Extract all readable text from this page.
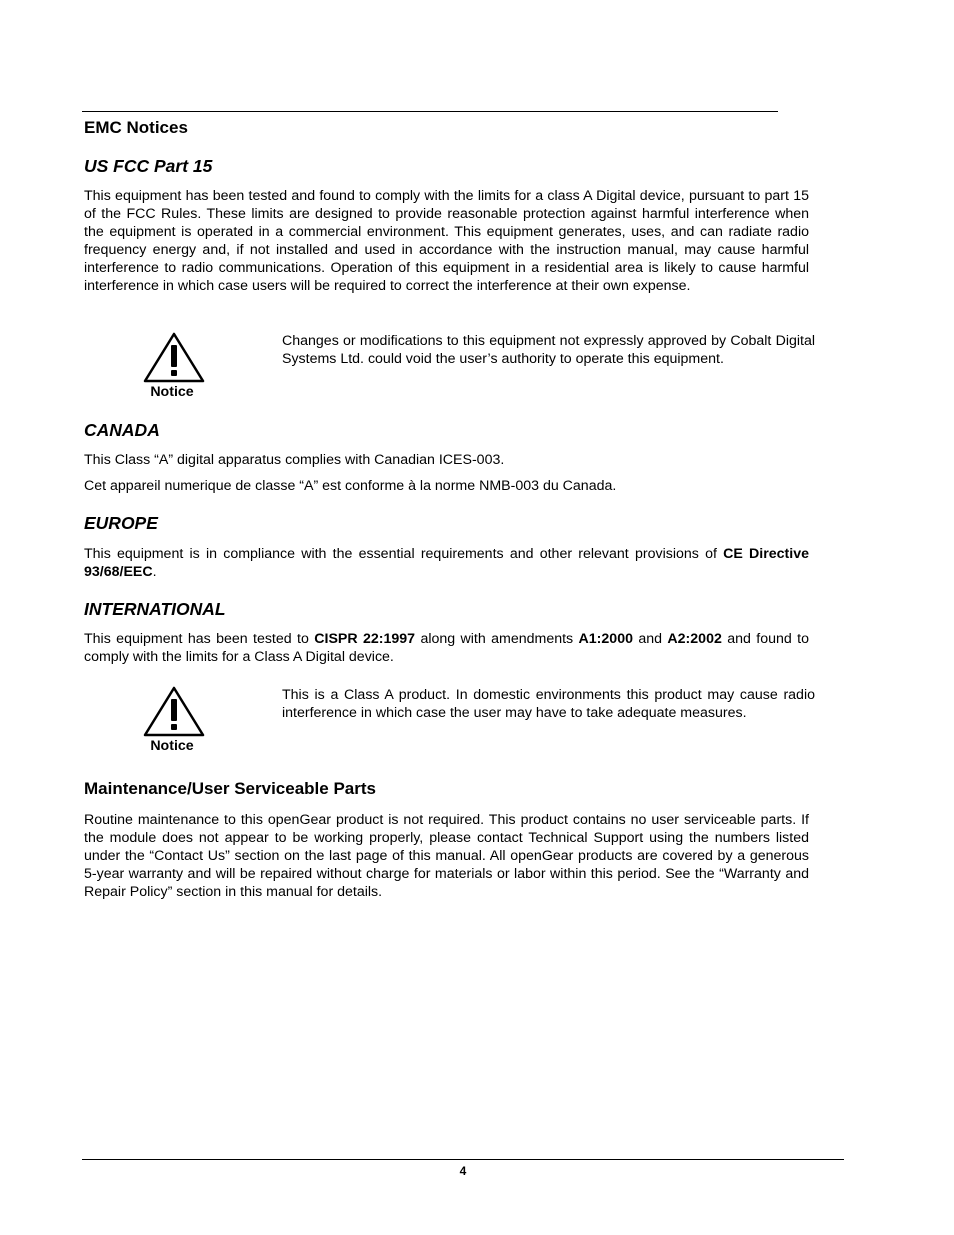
EMC Notices
US FCC Part 15
This equipment has been tested and found to comply with the limits for a class A Digital device, pursuant to part 15 of the FCC Rules. These limits are designed to provide reasonable protection against harmful interference when the equipment is operated in a commercial environment. This equipment generates, uses, and can radiate radio frequency energy and, if not installed and used in accordance with the instruction manual, may cause harmful interference to radio communications. Operation of this equipment in a residential area is likely to cause harmful interference in which case users will be required to correct the interference at their own expense.
Notice
Changes or modifications to this equipment not expressly approved by Cobalt Digital Systems Ltd. could void the user’s authority to operate this equipment.
CANADA
This Class “A” digital apparatus complies with Canadian ICES-003.
Cet appareil numerique de classe “A” est conforme à la norme NMB-003 du Canada.
EUROPE
This equipment is in compliance with the essential requirements and other relevant provisions of CE Directive 93/68/EEC.
INTERNATIONAL
This equipment has been tested to CISPR 22:1997 along with amendments A1:2000 and A2:2002 and found to comply with the limits for a Class A Digital device.
Notice
This is a Class A product. In domestic environments this product may cause radio interference in which case the user may have to take adequate measures.
Maintenance/User Serviceable Parts
Routine maintenance to this openGear product is not required. This product contains no user serviceable parts. If the module does not appear to be working properly, please contact Technical Support using the numbers listed under the “Contact Us” section on the last page of this manual. All openGear products are covered by a generous 5-year warranty and will be repaired without charge for materials or labor within this period. See the “Warranty and Repair Policy” section in this manual for details.
4
